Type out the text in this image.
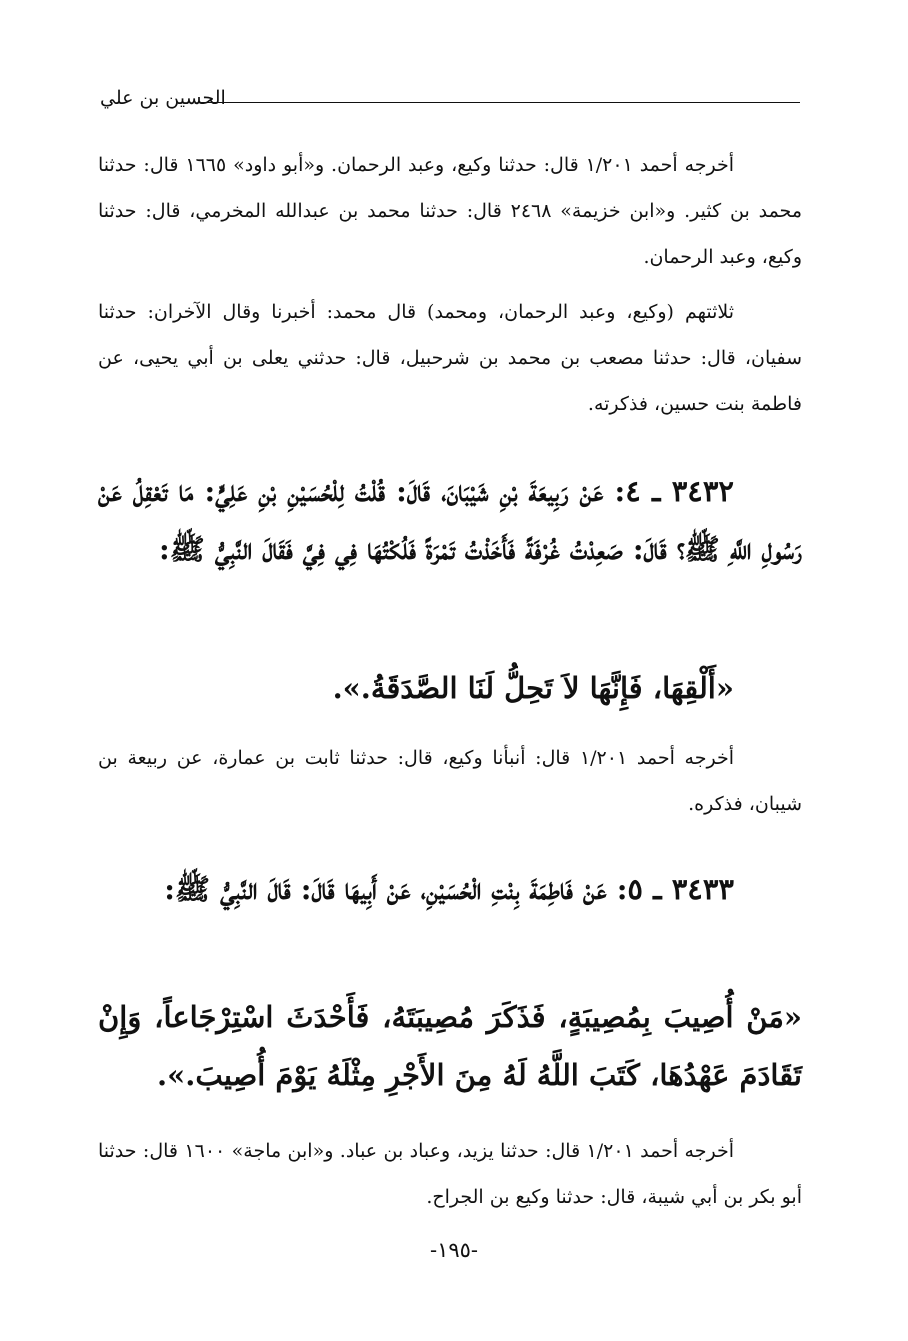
الحسين بن علي
أخرجه أحمد ١/٢٠١ قال: حدثنا وكيع، وعبد الرحمان. و«أبو داود» ١٦٦٥ قال: حدثنا محمد بن كثير. و«ابن خزيمة» ٢٤٦٨ قال: حدثنا محمد بن عبدالله المخرمي، قال: حدثنا وكيع، وعبد الرحمان.
ثلاثتهم (وكيع، وعبد الرحمان، ومحمد) قال محمد: أخبرنا وقال الآخران: حدثنا سفيان، قال: حدثنا مصعب بن محمد بن شرحبيل، قال: حدثني يعلى بن أبي يحيى، عن فاطمة بنت حسين، فذكرته.
٣٤٣٢ ـ ٤: عَنْ رَبِيعَةَ بْنِ شَيْبَانَ، قَالَ: قُلْتُ لِلْحُسَيْنِ بْنِ عَلِيٍّ: مَا تَعْقِلُ عَنْ رَسُولِ اللَّهِ ﷺ؟ قَالَ: صَعِدْتُ غُرْفَةً فَأَخَذْتُ تَمْرَةً فَلُكْتُهَا فِي فِيَّ فَقَالَ النَّبِيُّ ﷺ:
«أَلْقِهَا، فَإِنَّهَا لاَ تَحِلُّ لَنَا الصَّدَقَةُ.».
أخرجه أحمد ١/٢٠١ قال: أنبأنا وكيع، قال: حدثنا ثابت بن عمارة، عن ربيعة بن شيبان، فذكره.
٣٤٣٣ ـ ٥: عَنْ فَاطِمَةَ بِنْتِ الْحُسَيْنِ، عَنْ أَبِيهَا قَالَ: قَالَ النَّبِيُّ ﷺ:
«مَنْ أُصِيبَ بِمُصِيبَةٍ، فَذَكَرَ مُصِيبَتَهُ، فَأَحْدَثَ اسْتِرْجَاعاً، وَإِنْ تَقَادَمَ عَهْدُهَا، كَتَبَ اللَّهُ لَهُ مِنَ الأَجْرِ مِثْلَهُ يَوْمَ أُصِيبَ.».
أخرجه أحمد ١/٢٠١ قال: حدثنا يزيد، وعباد بن عباد. و«ابن ماجة» ١٦٠٠ قال: حدثنا أبو بكر بن أبي شيبة، قال: حدثنا وكيع بن الجراح.
-١٩٥-
